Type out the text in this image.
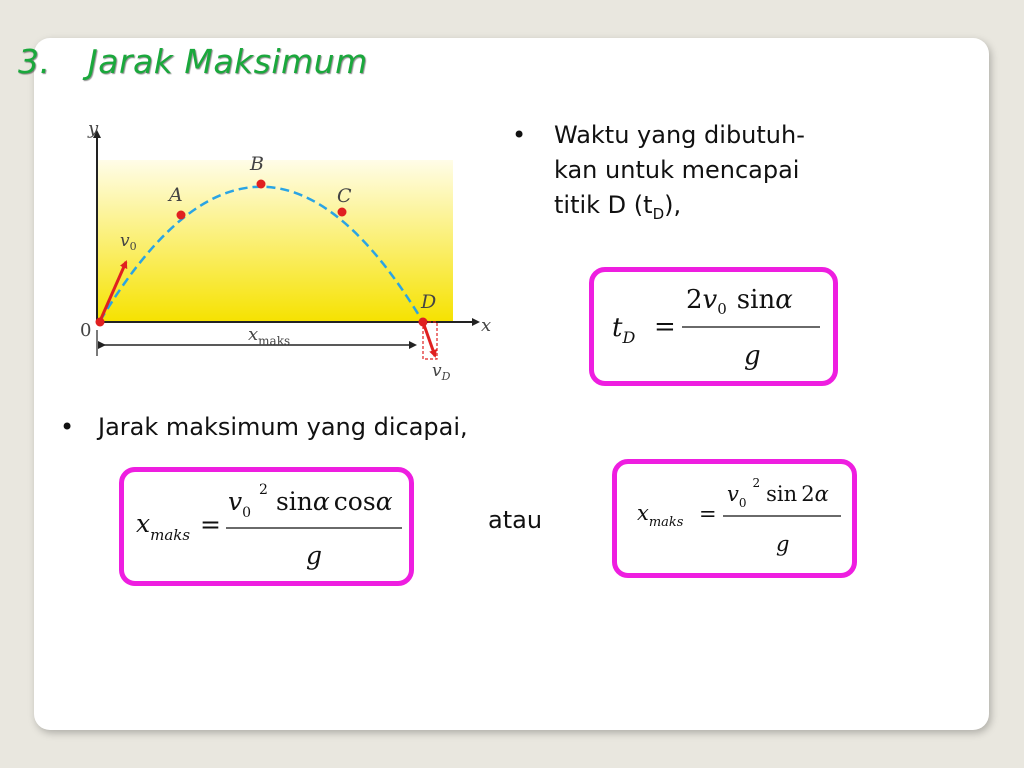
3. Jarak Maksimum
y
x
0
A
B
C
D
$v_0$
$v_D$
$x_{maks}$
• Waktu yang dibutuh-
kan untuk mencapai
titik D $(t_D)$,
$t_D$ =
$2v_0$ sinα
g
• Jarak maksimum yang dicapai,
$x_{maks}$ =
$v_0^2$ sinα cosα
g
atau	$x_{maks}$ =
$v_0^2$ sin 2α
g
